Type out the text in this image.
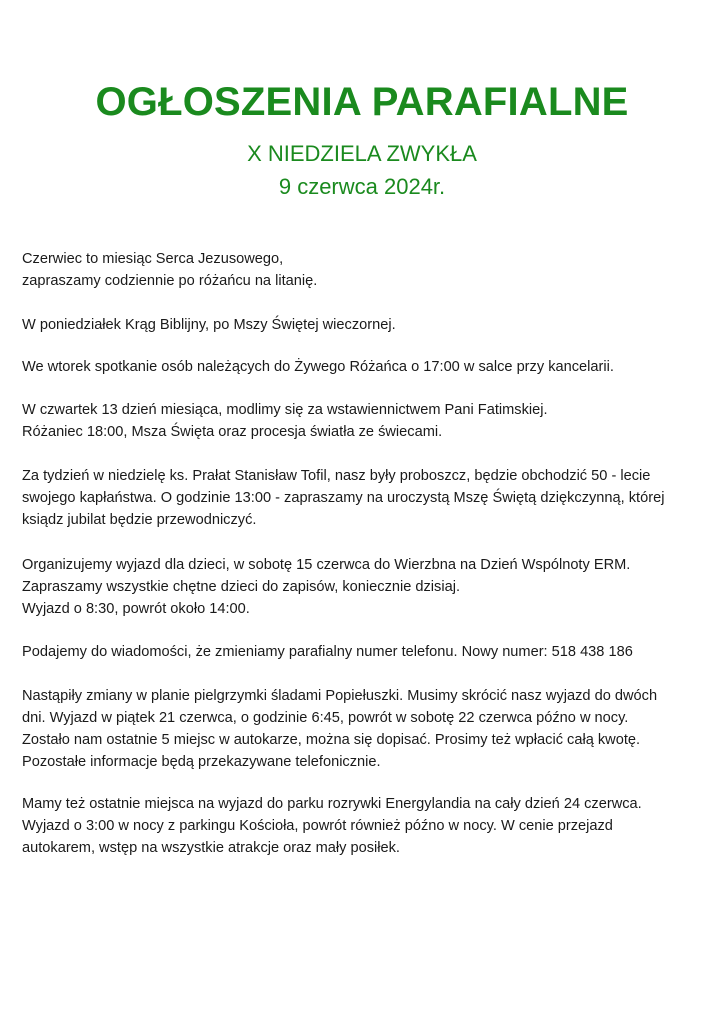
OGŁOSZENIA PARAFIALNE
X NIEDZIELA ZWYKŁA
9 czerwca 2024r.
Czerwiec to miesiąc Serca Jezusowego,
zapraszamy codziennie po różańcu na litanię.
W poniedziałek Krąg Biblijny, po Mszy Świętej wieczornej.
We wtorek spotkanie osób należących do Żywego Różańca o 17:00 w salce przy kancelarii.
W czwartek 13 dzień miesiąca, modlimy się za wstawiennictwem Pani Fatimskiej.
Różaniec 18:00, Msza Święta oraz procesja światła ze świecami.
Za tydzień w niedzielę ks. Prałat Stanisław Tofil, nasz były proboszcz, będzie obchodzić 50 - lecie
swojego kapłaństwa. O godzinie 13:00 - zapraszamy na uroczystą Mszę Świętą dziękczynną, której
ksiądz jubilat będzie przewodniczyć.
Organizujemy wyjazd dla dzieci, w sobotę 15 czerwca do Wierzbna na Dzień Wspólnoty ERM.
Zapraszamy wszystkie chętne dzieci do zapisów, koniecznie dzisiaj.
Wyjazd o 8:30, powrót około 14:00.
Podajemy do wiadomości, że zmieniamy parafialny numer telefonu. Nowy numer: 518 438 186
Nastąpiły zmiany w planie pielgrzymki śladami Popiełuszki. Musimy skrócić nasz wyjazd do dwóch
dni. Wyjazd w piątek 21 czerwca, o godzinie 6:45, powrót w sobotę 22 czerwca późno w nocy.
Zostało nam ostatnie 5 miejsc w autokarze, można się dopisać. Prosimy też wpłacić całą kwotę.
Pozostałe informacje będą przekazywane telefonicznie.
Mamy też ostatnie miejsca na wyjazd do parku rozrywki Energylandia na cały dzień 24 czerwca.
Wyjazd o 3:00 w nocy z parkingu Kościoła, powrót również późno w nocy. W cenie przejazd
autokarem, wstęp na wszystkie atrakcje oraz mały posiłek.
